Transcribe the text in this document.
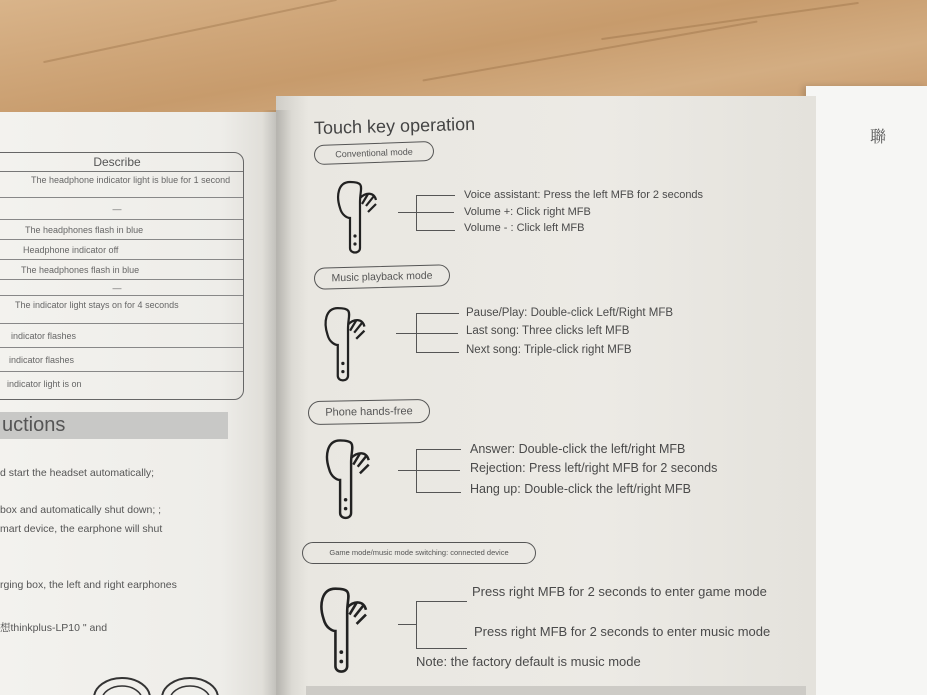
聯
Describe
The headphone indicator light is blue for 1 second
—
The headphones flash in blue
Headphone indicator off
The headphones flash in blue
—
The indicator light stays on for 4 seconds
indicator flashes
indicator flashes
indicator light is on
uctions
d start the headset automatically;
box and automatically shut down; ;
mart device, the earphone will shut
rging box, the left and right earphones
想thinkplus-LP10 " and
Touch key operation
Conventional mode
Voice assistant: Press the left MFB for 2 seconds
Volume +: Click right MFB
Volume - : Click left MFB
Music playback mode
Pause/Play: Double-click Left/Right MFB
Last song: Three clicks left MFB
Next song: Triple-click right MFB
Phone hands-free
Answer: Double-click the left/right MFB
Rejection: Press left/right MFB for 2 seconds
Hang up: Double-click the left/right MFB
Game mode/music mode switching: connected device
Press right MFB for 2 seconds to enter game mode
Press right MFB for 2 seconds to enter music mode
Note: the factory default is music mode
